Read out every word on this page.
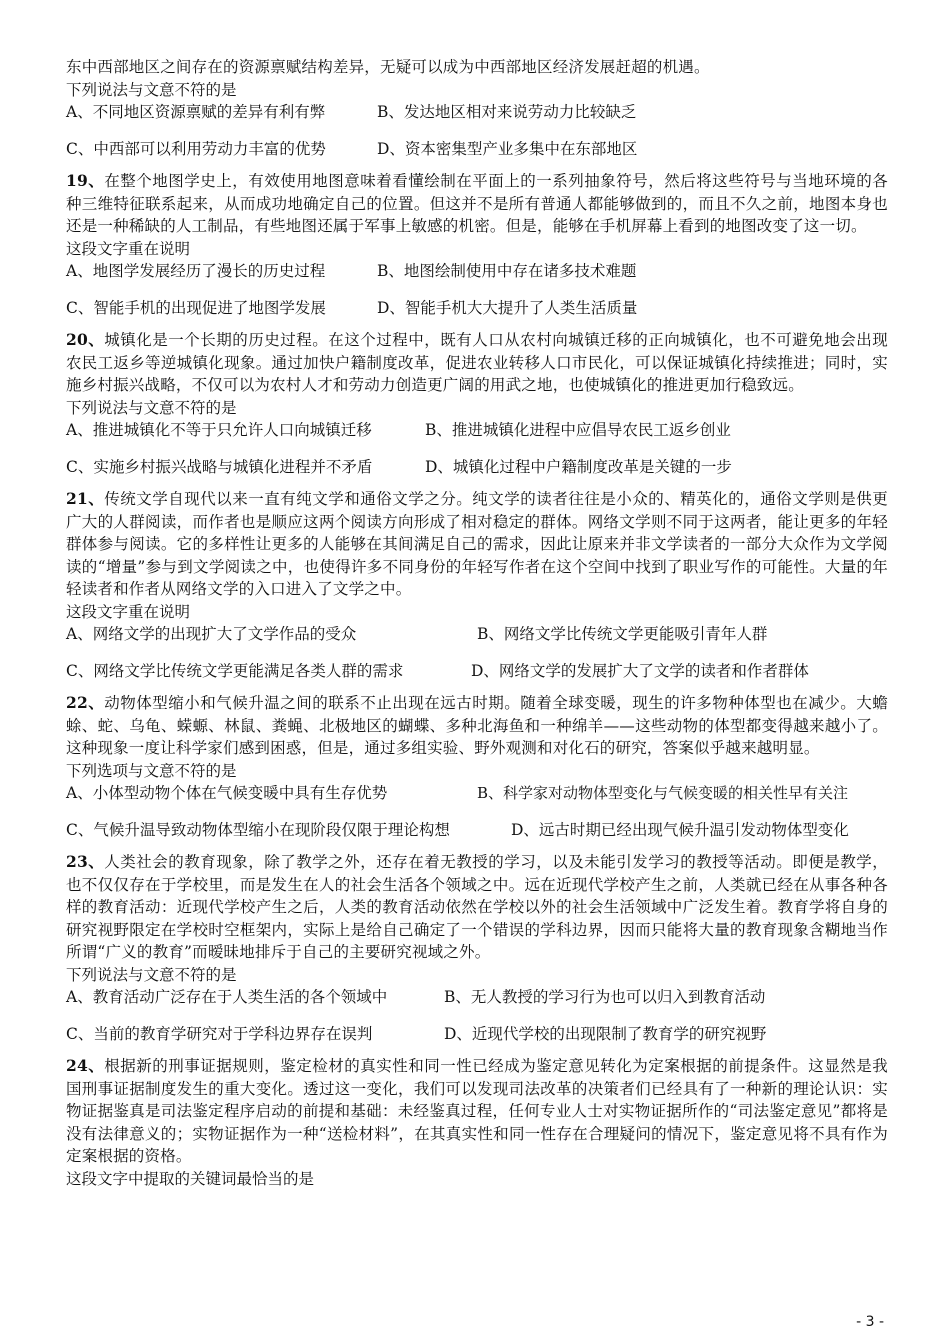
东中西部地区之间存在的资源禀赋结构差异，无疑可以成为中西部地区经济发展赶超的机遇。

下列说法与文意不符的是

A、不同地区资源禀赋的差异有利有弊	B、发达地区相对来说劳动力比较缺乏
C、中西部可以利用劳动力丰富的优势	D、资本密集型产业多集中在东部地区

19、在整个地图学史上，有效使用地图意味着看懂绘制在平面上的一系列抽象符号，然后将这些符号与当地环境的各种三维特征联系起来，从而成功地确定自己的位置。但这并不是所有普通人都能够做到的，而且不久之前，地图本身也还是一种稀缺的人工制品，有些地图还属于军事上敏感的机密。但是，能够在手机屏幕上看到的地图改变了这一切。

这段文字重在说明

A、地图学发展经历了漫长的历史过程	B、地图绘制使用中存在诸多技术难题
C、智能手机的出现促进了地图学发展	D、智能手机大大提升了人类生活质量

20、城镇化是一个长期的历史过程。在这个过程中，既有人口从农村向城镇迁移的正向城镇化，也不可避免地会出现农民工返乡等逆城镇化现象。通过加快户籍制度改革，促进农业转移人口市民化，可以保证城镇化持续推进；同时，实施乡村振兴战略，不仅可以为农村人才和劳动力创造更广阔的用武之地，也使城镇化的推进更加行稳致远。

下列说法与文意不符的是

A、推进城镇化不等于只允许人口向城镇迁移	B、推进城镇化进程中应倡导农民工返乡创业
C、实施乡村振兴战略与城镇化进程并不矛盾	D、城镇化过程中户籍制度改革是关键的一步

21、传统文学自现代以来一直有纯文学和通俗文学之分。纯文学的读者往往是小众的、精英化的，通俗文学则是供更广大的人群阅读，而作者也是顺应这两个阅读方向形成了相对稳定的群体。网络文学则不同于这两者，能让更多的年轻群体参与阅读。它的多样性让更多的人能够在其间满足自己的需求，因此让原来并非文学读者的一部分大众作为文学阅读的“增量”参与到文学阅读之中，也使得许多不同身份的年轻写作者在这个空间中找到了职业写作的可能性。大量的年轻读者和作者从网络文学的入口进入了文学之中。

这段文字重在说明

A、网络文学的出现扩大了文学作品的受众	B、网络文学比传统文学更能吸引青年人群
C、网络文学比传统文学更能满足各类人群的需求	D、网络文学的发展扩大了文学的读者和作者群体

22、动物体型缩小和气候升温之间的联系不止出现在远古时期。随着全球变暖，现生的许多物种体型也在减少。大蟾蜍、蛇、乌龟、蝾螈、林鼠、粪蝇、北极地区的蝴蝶、多种北海鱼和一种绵羊——这些动物的体型都变得越来越小了。这种现象一度让科学家们感到困惑，但是，通过多组实验、野外观测和对化石的研究，答案似乎越来越明显。

下列选项与文意不符的是

A、小体型动物个体在气候变暖中具有生存优势	B、科学家对动物体型变化与气候变暖的相关性早有关注
C、气候升温导致动物体型缩小在现阶段仅限于理论构想	D、远古时期已经出现气候升温引发动物体型变化

23、人类社会的教育现象，除了教学之外，还存在着无教授的学习，以及未能引发学习的教授等活动。即便是教学，也不仅仅存在于学校里，而是发生在人的社会生活各个领域之中。远在近现代学校产生之前，人类就已经在从事各种各样的教育活动：近现代学校产生之后，人类的教育活动依然在学校以外的社会生活领域中广泛发生着。教育学将自身的研究视野限定在学校时空框架内，实际上是给自己确定了一个错误的学科边界，因而只能将大量的教育现象含糊地当作所谓“广义的教育”而暧昧地排斥于自己的主要研究视域之外。

下列说法与文意不符的是

A、教育活动广泛存在于人类生活的各个领域中	B、无人教授的学习行为也可以归入到教育活动
C、当前的教育学研究对于学科边界存在误判	D、近现代学校的出现限制了教育学的研究视野

24、根据新的刑事证据规则，鉴定检材的真实性和同一性已经成为鉴定意见转化为定案根据的前提条件。这显然是我国刑事证据制度发生的重大变化。透过这一变化，我们可以发现司法改革的决策者们已经具有了一种新的理论认识：实物证据鉴真是司法鉴定程序启动的前提和基础：未经鉴真过程，任何专业人士对实物证据所作的“司法鉴定意见”都将是没有法律意义的；实物证据作为一种“送检材料”，在其真实性和同一性存在合理疑问的情况下，鉴定意见将不具有作为定案根据的资格。

这段文字中提取的关键词最恰当的是

- 3 -
